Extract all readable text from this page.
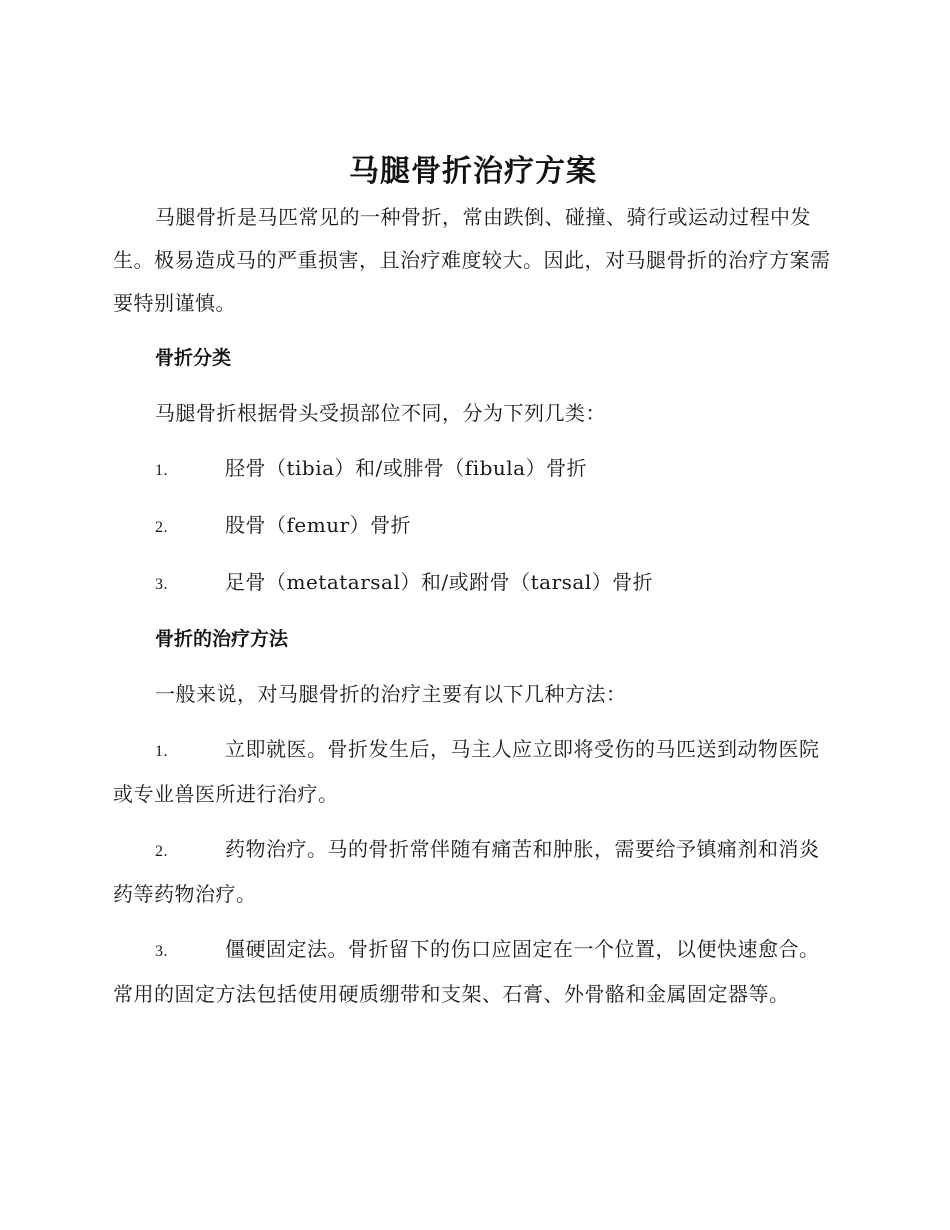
马腿骨折治疗方案

马腿骨折是马匹常见的一种骨折，常由跌倒、碰撞、骑行或运动过程中发生。极易造成马的严重损害，且治疗难度较大。因此，对马腿骨折的治疗方案需要特别谨慎。

骨折分类

马腿骨折根据骨头受损部位不同，分为下列几类：

1.	胫骨（tibia）和/或腓骨（fibula）骨折
2.	股骨（femur）骨折
3.	足骨（metatarsal）和/或跗骨（tarsal）骨折
骨折的治疗方法

一般来说，对马腿骨折的治疗主要有以下几种方法：

1.	立即就医。骨折发生后，马主人应立即将受伤的马匹送到动物医院或专业兽医所进行治疗。
2.	药物治疗。马的骨折常伴随有痛苦和肿胀，需要给予镇痛剂和消炎药等药物治疗。
3.	僵硬固定法。骨折留下的伤口应固定在一个位置，以便快速愈合。常用的固定方法包括使用硬质绷带和支架、石膏、外骨骼和金属固定器等。
